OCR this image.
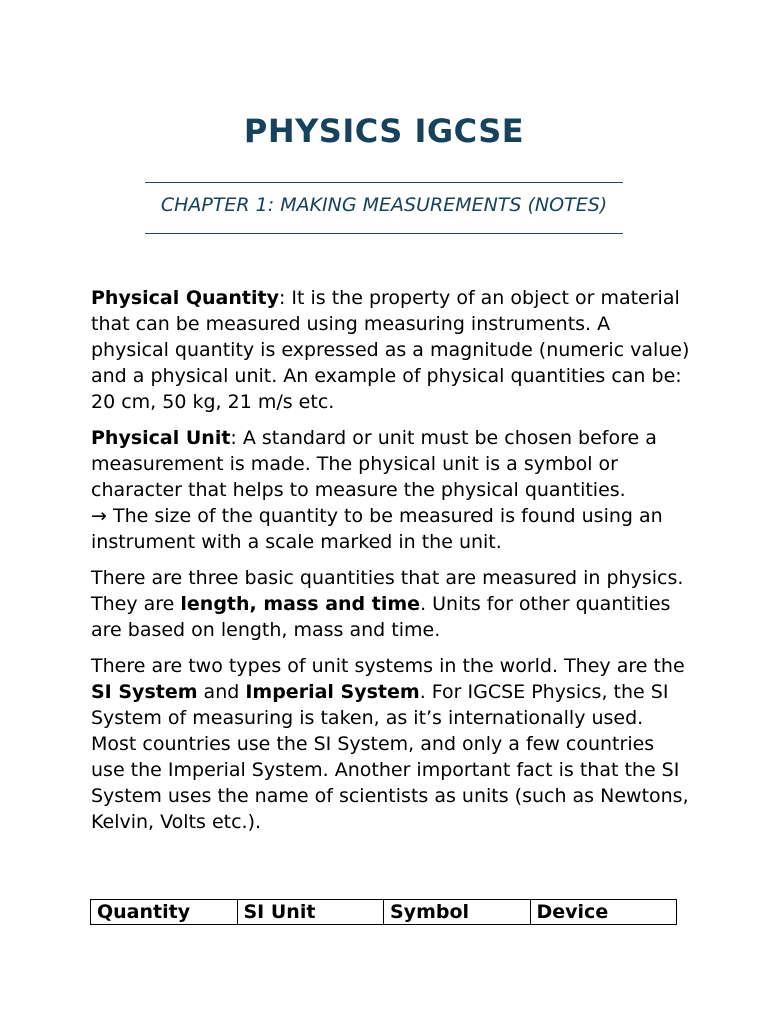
PHYSICS IGCSE

CHAPTER 1: MAKING MEASUREMENTS (NOTES)

Physical Quantity: It is the property of an object or material that can be measured using measuring instruments. A physical quantity is expressed as a magnitude (numeric value) and a physical unit. An example of physical quantities can be: 20 cm, 50 kg, 21 m/s etc.

Physical Unit: A standard or unit must be chosen before a measurement is made. The physical unit is a symbol or character that helps to measure the physical quantities.
→ The size of the quantity to be measured is found using an instrument with a scale marked in the unit.

There are three basic quantities that are measured in physics. They are length, mass and time. Units for other quantities are based on length, mass and time.

There are two types of unit systems in the world. They are the SI System and Imperial System. For IGCSE Physics, the SI System of measuring is taken, as it’s internationally used. Most countries use the SI System, and only a few countries use the Imperial System. Another important fact is that the SI System uses the name of scientists as units (such as Newtons, Kelvin, Volts etc.).

Quantity	SI Unit	Symbol	Device
